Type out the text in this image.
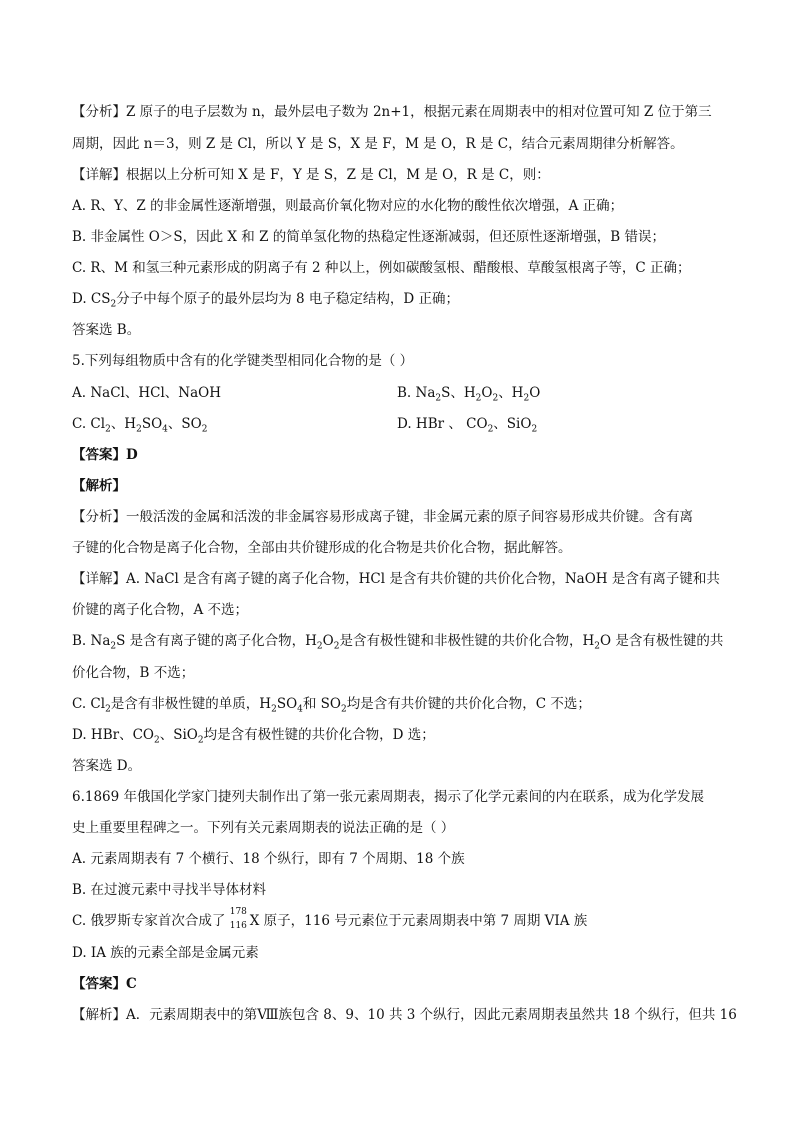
【分析】Z 原子的电子层数为 n，最外层电子数为 2n+1，根据元素在周期表中的相对位置可知 Z 位于第三
周期，因此 n＝3，则 Z 是 Cl，所以 Y 是 S，X 是 F，M 是 O，R 是 C，结合元素周期律分析解答。
【详解】根据以上分析可知 X 是 F，Y 是 S，Z 是 Cl，M 是 O，R 是 C，则：
A. R、Y、Z 的非金属性逐渐增强，则最高价氧化物对应的水化物的酸性依次增强，A 正确；
B. 非金属性 O＞S，因此 X 和 Z 的简单氢化物的热稳定性逐渐减弱，但还原性逐渐增强，B 错误；
C. R、M 和氢三种元素形成的阴离子有 2 种以上，例如碳酸氢根、醋酸根、草酸氢根离子等，C 正确；
D. $CS_2$分子中每个原子的最外层均为 8 电子稳定结构，D 正确；
答案选 B。
5.下列每组物质中含有的化学键类型相同化合物的是（ ）
A. NaCl、HCl、NaOH	B. $Na_2S$、$H_2O_2$、$H_2O$
C. $Cl_2$、$H_2SO_4$、$SO_2$	D. HBr 、 $CO_2$、SiO$_2$
【答案】D
【解析】
【分析】一般活泼的金属和活泼的非金属容易形成离子键，非金属元素的原子间容易形成共价键。含有离
子键的化合物是离子化合物，全部由共价键形成的化合物是共价化合物，据此解答。
【详解】A. NaCl 是含有离子键的离子化合物，HCl 是含有共价键的共价化合物，NaOH 是含有离子键和共
价键的离子化合物，A 不选；
B. $Na_2S$ 是含有离子键的离子化合物，$H_2O_2$是含有极性键和非极性键的共价化合物，$H_2O$ 是含有极性键的共
价化合物，B 不选；
C. $Cl_2$是含有非极性键的单质，$H_2SO_4$和 $SO_2$均是含有共价键的共价化合物，C 不选；
D. HBr、$CO_2$、SiO$_2$均是含有极性键的共价化合物，D 选；
答案选 D。
6.1869 年俄国化学家门捷列夫制作出了第一张元素周期表，揭示了化学元素间的内在联系，成为化学发展
史上重要里程碑之一。下列有关元素周期表的说法正确的是（ ）
A. 元素周期表有 7 个横行、18 个纵行，即有 7 个周期、18 个族
B. 在过渡元素中寻找半导体材料
C. 俄罗斯专家首次合成了
178
116 X 原子，116 号元素位于元素周期表中第 7 周期 VIA 族
D. IA 族的元素全部是金属元素
【答案】C
【解析】A．元素周期表中的第Ⅷ族包含 8、9、10 共 3 个纵行，因此元素周期表虽然共 18 个纵行，但共 16
